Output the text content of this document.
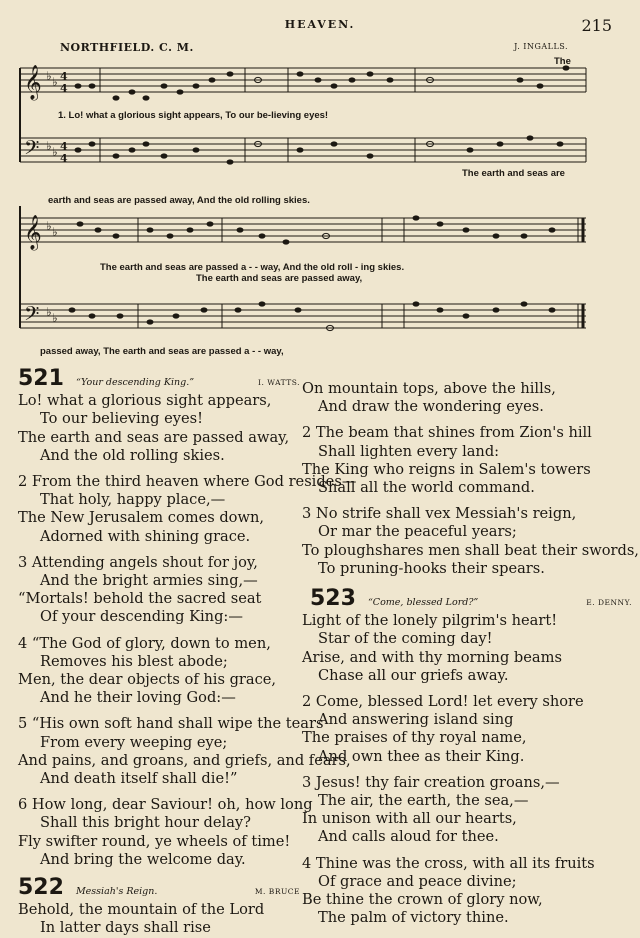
HEAVEN.	215
NORTHFIELD. C. M.	J. INGALLS.
𝄞
𝄢
𝄞
𝄢
♭ ♭
♭ ♭
♭ ♭
♭ ♭
4
4
4
4
1. Lo! what a glorious sight appears, To our be-lieving eyes!
The
The earth and seas are
earth and seas are passed away, And the old rolling skies.
The earth and seas are passed a - - way, And the old roll - ing skies.
The earth and seas are passed away,
passed away, The earth and seas are passed a - - way,
521 “Your descending King.”	I. WATTS.
Lo! what a glorious sight appears,
To our believing eyes!
The earth and seas are passed away,
And the old rolling skies.
2 From the third heaven where God resides—
That holy, happy place,—
The New Jerusalem comes down,
Adorned with shining grace.
3 Attending angels shout for joy,
And the bright armies sing,—
“Mortals! behold the sacred seat
Of your descending King:—
4 “The God of glory, down to men,
Removes his blest abode;
Men, the dear objects of his grace,
And he their loving God:—
5 “His own soft hand shall wipe the tears
From every weeping eye;
And pains, and groans, and griefs, and fears,
And death itself shall die!”
6 How long, dear Saviour! oh, how long
Shall this bright hour delay?
Fly swifter round, ye wheels of time!
And bring the welcome day.
522 Messiah's Reign.	M. BRUCE
Behold, the mountain of the Lord
In latter days shall rise
On mountain tops, above the hills,
And draw the wondering eyes.
2 The beam that shines from Zion's hill
Shall lighten every land:
The King who reigns in Salem's towers
Shall all the world command.
3 No strife shall vex Messiah's reign,
Or mar the peaceful years;
To ploughshares men shall beat their swords,
To pruning-hooks their spears.
523 “Come, blessed Lord?”	E. DENNY.
Light of the lonely pilgrim's heart!
Star of the coming day!
Arise, and with thy morning beams
Chase all our griefs away.
2 Come, blessed Lord! let every shore
And answering island sing
The praises of thy royal name,
And own thee as their King.
3 Jesus! thy fair creation groans,—
The air, the earth, the sea,—
In unison with all our hearts,
And calls aloud for thee.
4 Thine was the cross, with all its fruits
Of grace and peace divine;
Be thine the crown of glory now,
The palm of victory thine.
